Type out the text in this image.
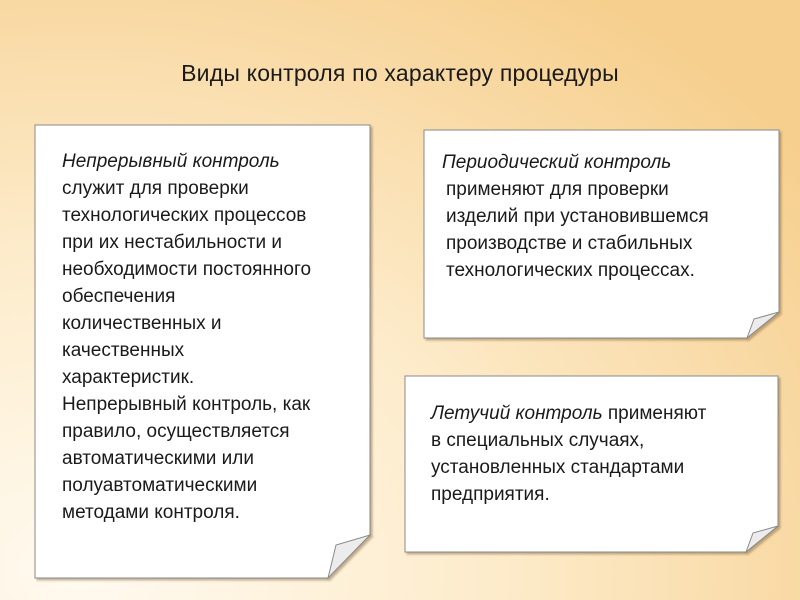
Виды контроля по характеру процедуры
Непрерывный контроль
служит для проверки
технологических процессов
при их нестабильности и
необходимости постоянного
обеспечения
количественных и
качественных
характеристик.
Непрерывный контроль, как
правило, осуществляется
автоматическими или
полуавтоматическими
методами контроля.
Периодический контроль
применяют для проверки
изделий при установившемся
производстве и стабильных
технологических процессах.
Летучий контроль применяют
в специальных случаях,
установленных стандартами
предприятия.
